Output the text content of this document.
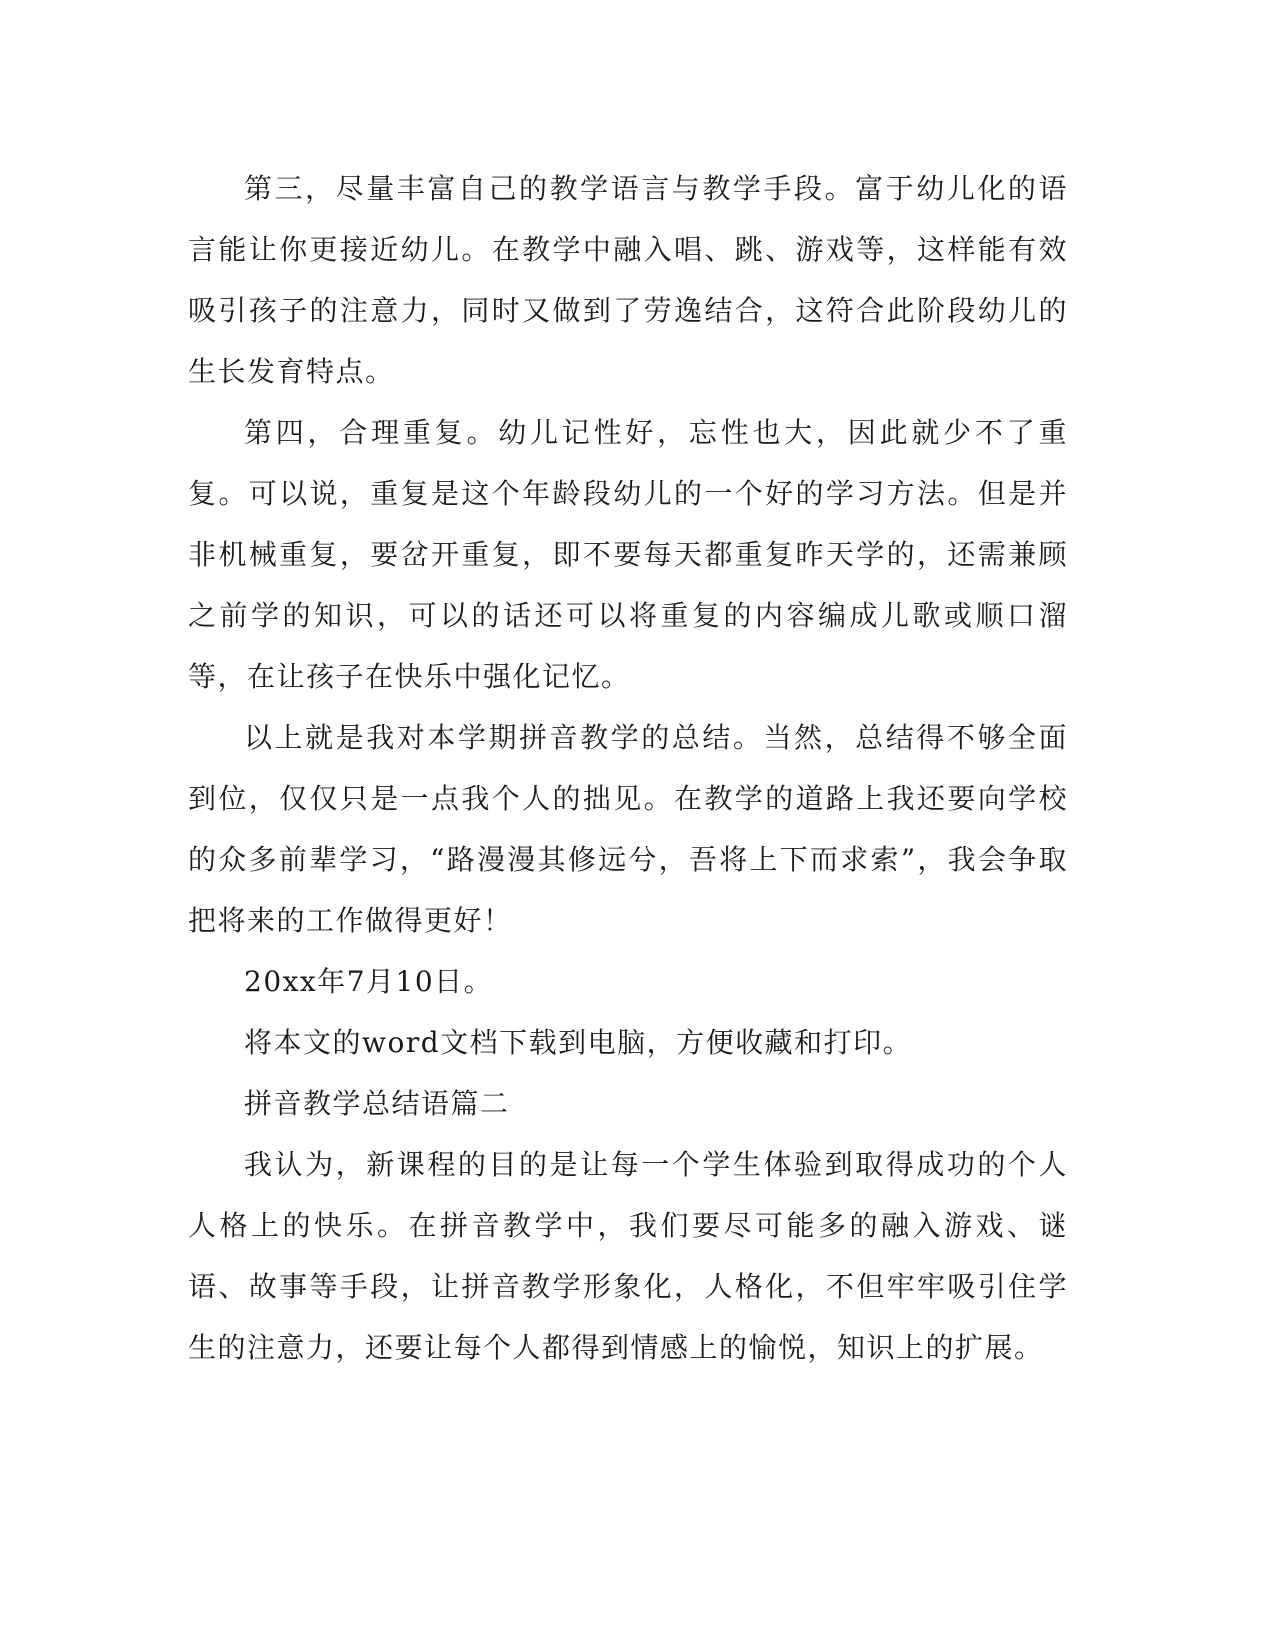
第三，尽量丰富自己的教学语言与教学手段。富于幼儿化的语言能让你更接近幼儿。在教学中融入唱、跳、游戏等，这样能有效吸引孩子的注意力，同时又做到了劳逸结合，这符合此阶段幼儿的生长发育特点。

第四，合理重复。幼儿记性好，忘性也大，因此就少不了重复。可以说，重复是这个年龄段幼儿的一个好的学习方法。但是并非机械重复，要岔开重复，即不要每天都重复昨天学的，还需兼顾之前学的知识，可以的话还可以将重复的内容编成儿歌或顺口溜等，在让孩子在快乐中强化记忆。

以上就是我对本学期拼音教学的总结。当然，总结得不够全面到位，仅仅只是一点我个人的拙见。在教学的道路上我还要向学校的众多前辈学习，“路漫漫其修远兮，吾将上下而求索”，我会争取把将来的工作做得更好！

20xx年7月10日。

将本文的word文档下载到电脑，方便收藏和打印。

拼音教学总结语篇二

我认为，新课程的目的是让每一个学生体验到取得成功的个人人格上的快乐。在拼音教学中，我们要尽可能多的融入游戏、谜语、故事等手段，让拼音教学形象化，人格化，不但牢牢吸引住学生的注意力，还要让每个人都得到情感上的愉悦，知识上的扩展。
